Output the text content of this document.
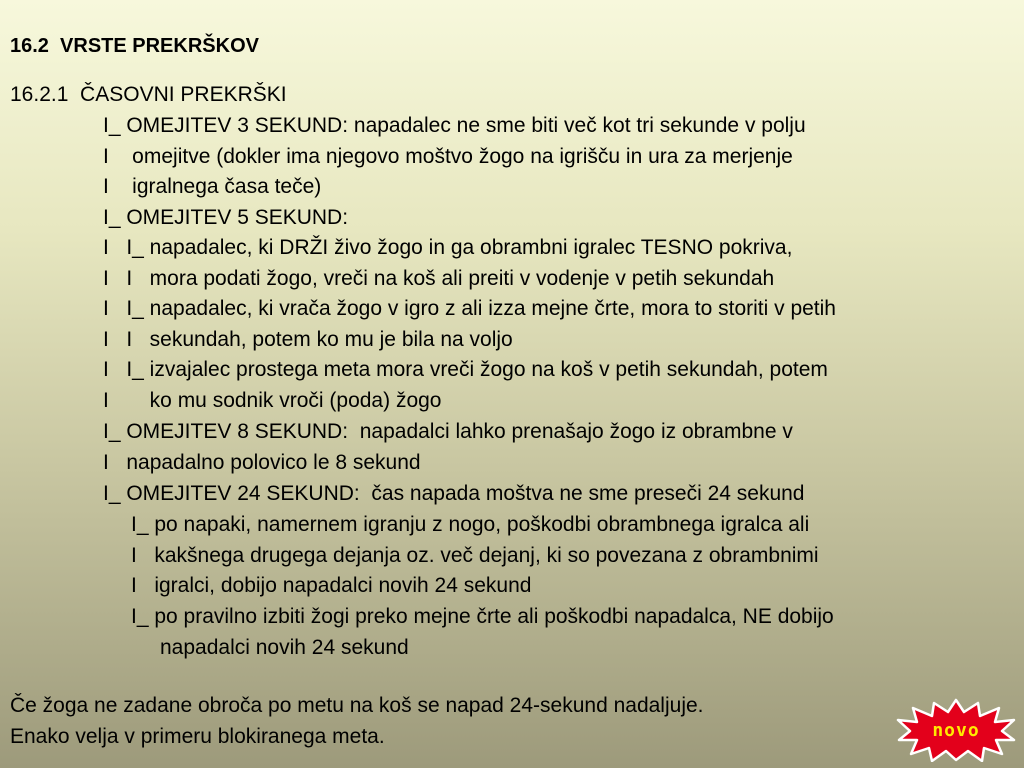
16.2  VRSTE PREKRŠKOV
16.2.1  ČASOVNI PREKRŠKI
I_ OMEJITEV 3 SEKUND: napadalec ne sme biti več kot tri sekunde v polju
I    omejitve (dokler ima njegovo moštvo žogo na igrišču in ura za merjenje
I    igralnega časa teče)
I_ OMEJITEV 5 SEKUND:
I   I_ napadalec, ki DRŽI živo žogo in ga obrambni igralec TESNO pokriva,
I   I   mora podati žogo, vreči na koš ali preiti v vodenje v petih sekundah
I   I_ napadalec, ki vrača žogo v igro z ali izza mejne črte, mora to storiti v petih
I   I   sekundah, potem ko mu je bila na voljo
I   I_ izvajalec prostega meta mora vreči žogo na koš v petih sekundah, potem
I       ko mu sodnik vroči (poda) žogo
I_ OMEJITEV 8 SEKUND:  napadalci lahko prenašajo žogo iz obrambne v
I   napadalno polovico le 8 sekund
I_ OMEJITEV 24 SEKUND:  čas napada moštva ne sme preseči 24 sekund
I_ po napaki, namernem igranju z nogo, poškodbi obrambnega igralca ali
I   kakšnega drugega dejanja oz. več dejanj, ki so povezana z obrambnimi
I   igralci, dobijo napadalci novih 24 sekund
I_ po pravilno izbiti žogi preko mejne črte ali poškodbi napadalca, NE dobijo
napadalci novih 24 sekund
Če žoga ne zadane obroča po metu na koš se napad 24-sekund nadaljuje.
Enako velja v primeru blokiranega meta.	novo
